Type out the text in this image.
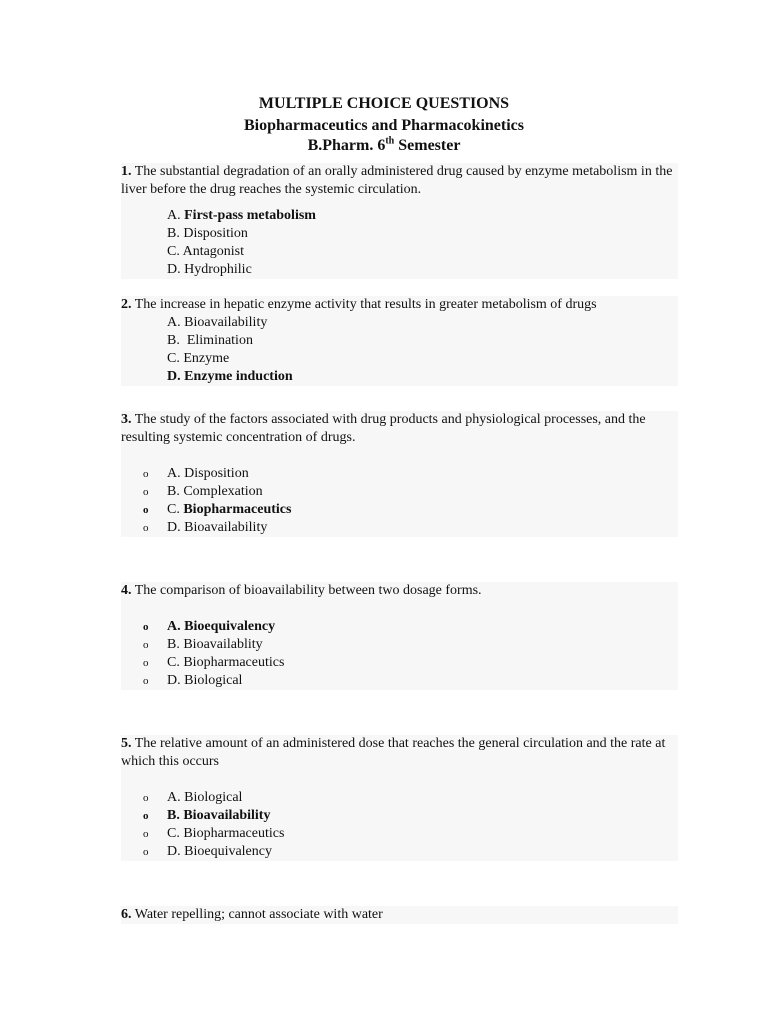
MULTIPLE CHOICE QUESTIONS
Biopharmaceutics and Pharmacokinetics
B.Pharm. 6th Semester
1. The substantial degradation of an orally administered drug caused by enzyme metabolism in the liver before the drug reaches the systemic circulation.
A. First-pass metabolism
B. Disposition
C. Antagonist
D. Hydrophilic
2. The increase in hepatic enzyme activity that results in greater metabolism of drugs
A. Bioavailability
B.  Elimination
C. Enzyme
D. Enzyme induction
3. The study of the factors associated with drug products and physiological processes, and the resulting systemic concentration of drugs.
o A. Disposition
o B. Complexation
o C. Biopharmaceutics
o D. Bioavailability
4. The comparison of bioavailability between two dosage forms.
o A. Bioequivalency
o B. Bioavailablity
o C. Biopharmaceutics
o D. Biological
5. The relative amount of an administered dose that reaches the general circulation and the rate at which this occurs
o A. Biological
o B. Bioavailability
o C. Biopharmaceutics
o D. Bioequivalency
6. Water repelling; cannot associate with water
